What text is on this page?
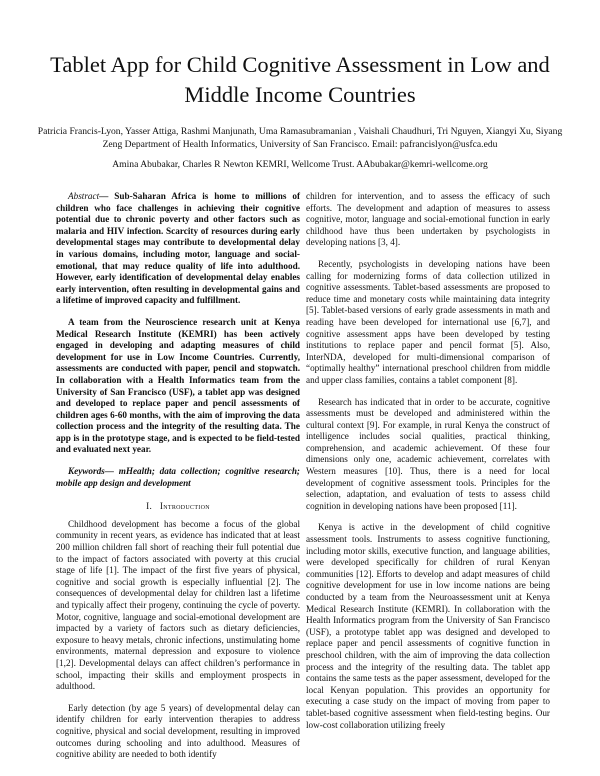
Tablet App for Child Cognitive Assessment in Low and Middle Income Countries
Patricia Francis-Lyon, Yasser Attiga, Rashmi Manjunath, Uma Ramasubramanian , Vaishali Chaudhuri, Tri Nguyen, Xiangyi Xu, Siyang Zeng Department of Health Informatics, University of San Francisco. Email: pafrancislyon@usfca.edu
Amina Abubakar, Charles R Newton KEMRI, Wellcome Trust. AAbubakar@kemri-wellcome.org

Abstract— Sub-Saharan Africa is home to millions of children who face challenges in achieving their cognitive potential due to chronic poverty and other factors such as malaria and HIV infection. Scarcity of resources during early developmental stages may contribute to developmental delay in various domains, including motor, language and social-emotional, that may reduce quality of life into adulthood. However, early identification of developmental delay enables early intervention, often resulting in developmental gains and a lifetime of improved capacity and fulfillment.

A team from the Neuroscience research unit at Kenya Medical Research Institute (KEMRI) has been actively engaged in developing and adapting measures of child development for use in Low Income Countries. Currently, assessments are conducted with paper, pencil and stopwatch. In collaboration with a Health Informatics team from the University of San Francisco (USF), a tablet app was designed and developed to replace paper and pencil assessments of children ages 6-60 months, with the aim of improving the data collection process and the integrity of the resulting data. The app is in the prototype stage, and is expected to be field-tested and evaluated next year.

Keywords— mHealth; data collection; cognitive research; mobile app design and development

I. Introduction

Childhood development has become a focus of the global community in recent years, as evidence has indicated that at least 200 million children fall short of reaching their full potential due to the impact of factors associated with poverty at this crucial stage of life [1]. The impact of the first five years of physical, cognitive and social growth is especially influential [2]. The consequences of developmental delay for children last a lifetime and typically affect their progeny, continuing the cycle of poverty. Motor, cognitive, language and social-emotional development are impacted by a variety of factors such as dietary deficiencies, exposure to heavy metals, chronic infections, unstimulating home environments, maternal depression and exposure to violence [1,2]. Developmental delays can affect children’s performance in school, impacting their skills and employment prospects in adulthood.

Early detection (by age 5 years) of developmental delay can identify children for early intervention therapies to address cognitive, physical and social development, resulting in improved outcomes during schooling and into adulthood. Measures of cognitive ability are needed to both identify

children for intervention, and to assess the efficacy of such efforts. The development and adaption of measures to assess cognitive, motor, language and social-emotional function in early childhood have thus been undertaken by psychologists in developing nations [3, 4].

Recently, psychologists in developing nations have been calling for modernizing forms of data collection utilized in cognitive assessments. Tablet-based assessments are proposed to reduce time and monetary costs while maintaining data integrity [5]. Tablet-based versions of early grade assessments in math and reading have been developed for international use [6,7], and cognitive assessment apps have been developed by testing institutions to replace paper and pencil format [5]. Also, InterNDA, developed for multi-dimensional comparison of “optimally healthy” international preschool children from middle and upper class families, contains a tablet component [8].

Research has indicated that in order to be accurate, cognitive assessments must be developed and administered within the cultural context [9]. For example, in rural Kenya the construct of intelligence includes social qualities, practical thinking, comprehension, and academic achievement. Of these four dimensions only one, academic achievement, correlates with Western measures [10]. Thus, there is a need for local development of cognitive assessment tools. Principles for the selection, adaptation, and evaluation of tests to assess child cognition in developing nations have been proposed [11].

Kenya is active in the development of child cognitive assessment tools. Instruments to assess cognitive functioning, including motor skills, executive function, and language abilities, were developed specifically for children of rural Kenyan communities [12]. Efforts to develop and adapt measures of child cognitive development for use in low income nations are being conducted by a team from the Neuroassessment unit at Kenya Medical Research Institute (KEMRI). In collaboration with the Health Informatics program from the University of San Francisco (USF), a prototype tablet app was designed and developed to replace paper and pencil assessments of cognitive function in preschool children, with the aim of improving the data collection process and the integrity of the resulting data. The tablet app contains the same tests as the paper assessment, developed for the local Kenyan population. This provides an opportunity for executing a case study on the impact of moving from paper to tablet-based cognitive assessment when field-testing begins. Our low-cost collaboration utilizing freely
